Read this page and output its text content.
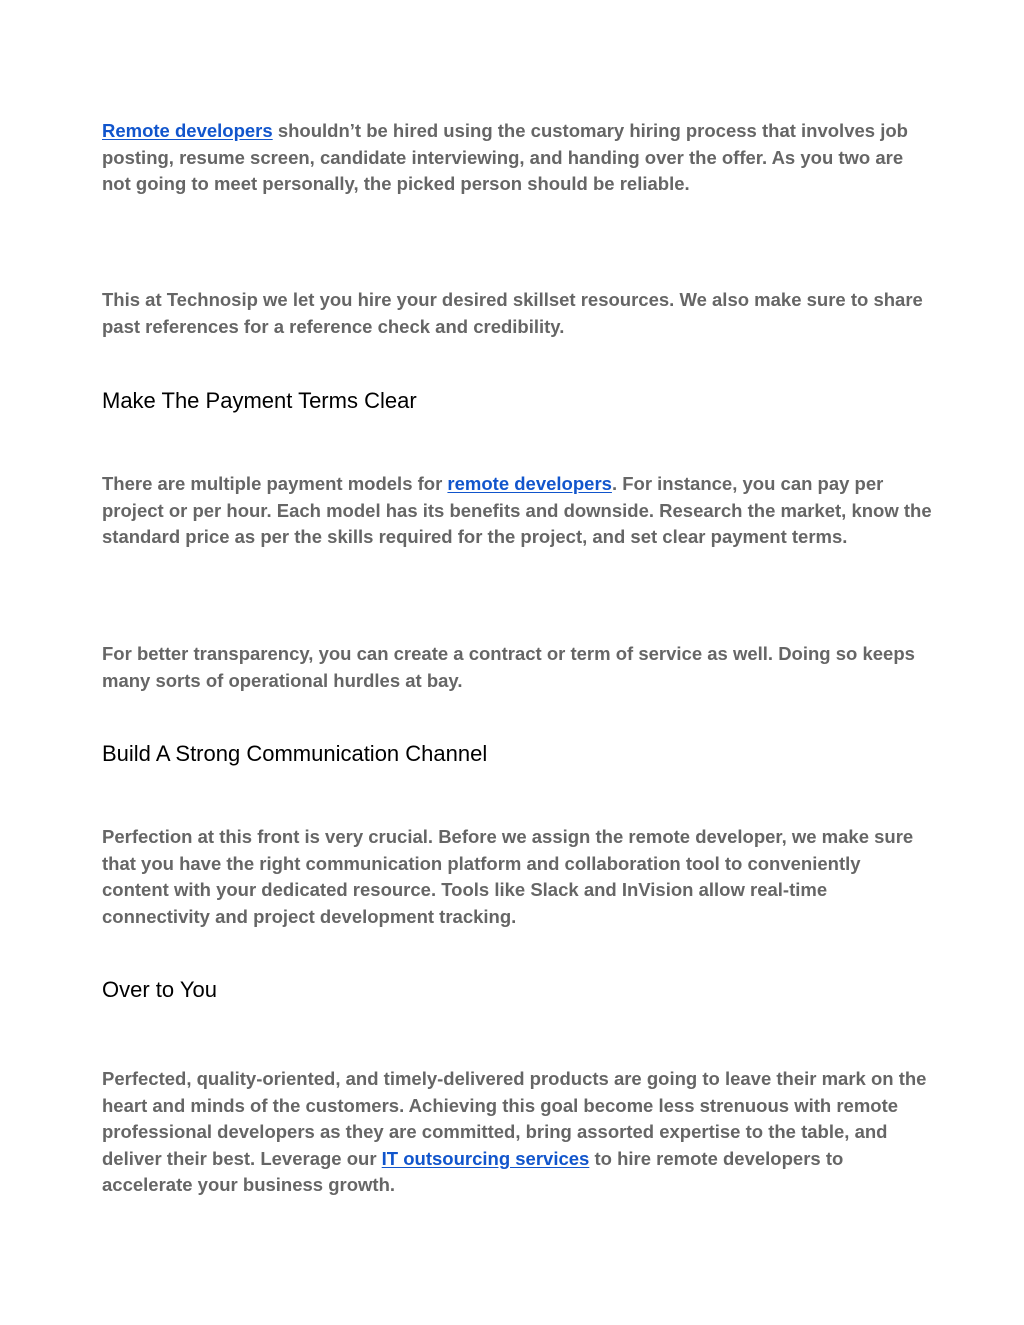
Remote developers shouldn’t be hired using the customary hiring process that involves job posting, resume screen, candidate interviewing, and handing over the offer. As you two are not going to meet personally, the picked person should be reliable.

This at Technosip we let you hire your desired skillset resources. We also make sure to share past references for a reference check and credibility.

Make The Payment Terms Clear

There are multiple payment models for remote developers. For instance, you can pay per project or per hour. Each model has its benefits and downside. Research the market, know the standard price as per the skills required for the project, and set clear payment terms.

For better transparency, you can create a contract or term of service as well. Doing so keeps many sorts of operational hurdles at bay.

Build A Strong Communication Channel

Perfection at this front is very crucial. Before we assign the remote developer, we make sure that you have the right communication platform and collaboration tool to conveniently content with your dedicated resource. Tools like Slack and InVision allow real-time connectivity and project development tracking.

Over to You

Perfected, quality-oriented, and timely-delivered products are going to leave their mark on the heart and minds of the customers. Achieving this goal become less strenuous with remote professional developers as they are committed, bring assorted expertise to the table, and deliver their best. Leverage our IT outsourcing services to hire remote developers to accelerate your business growth.
